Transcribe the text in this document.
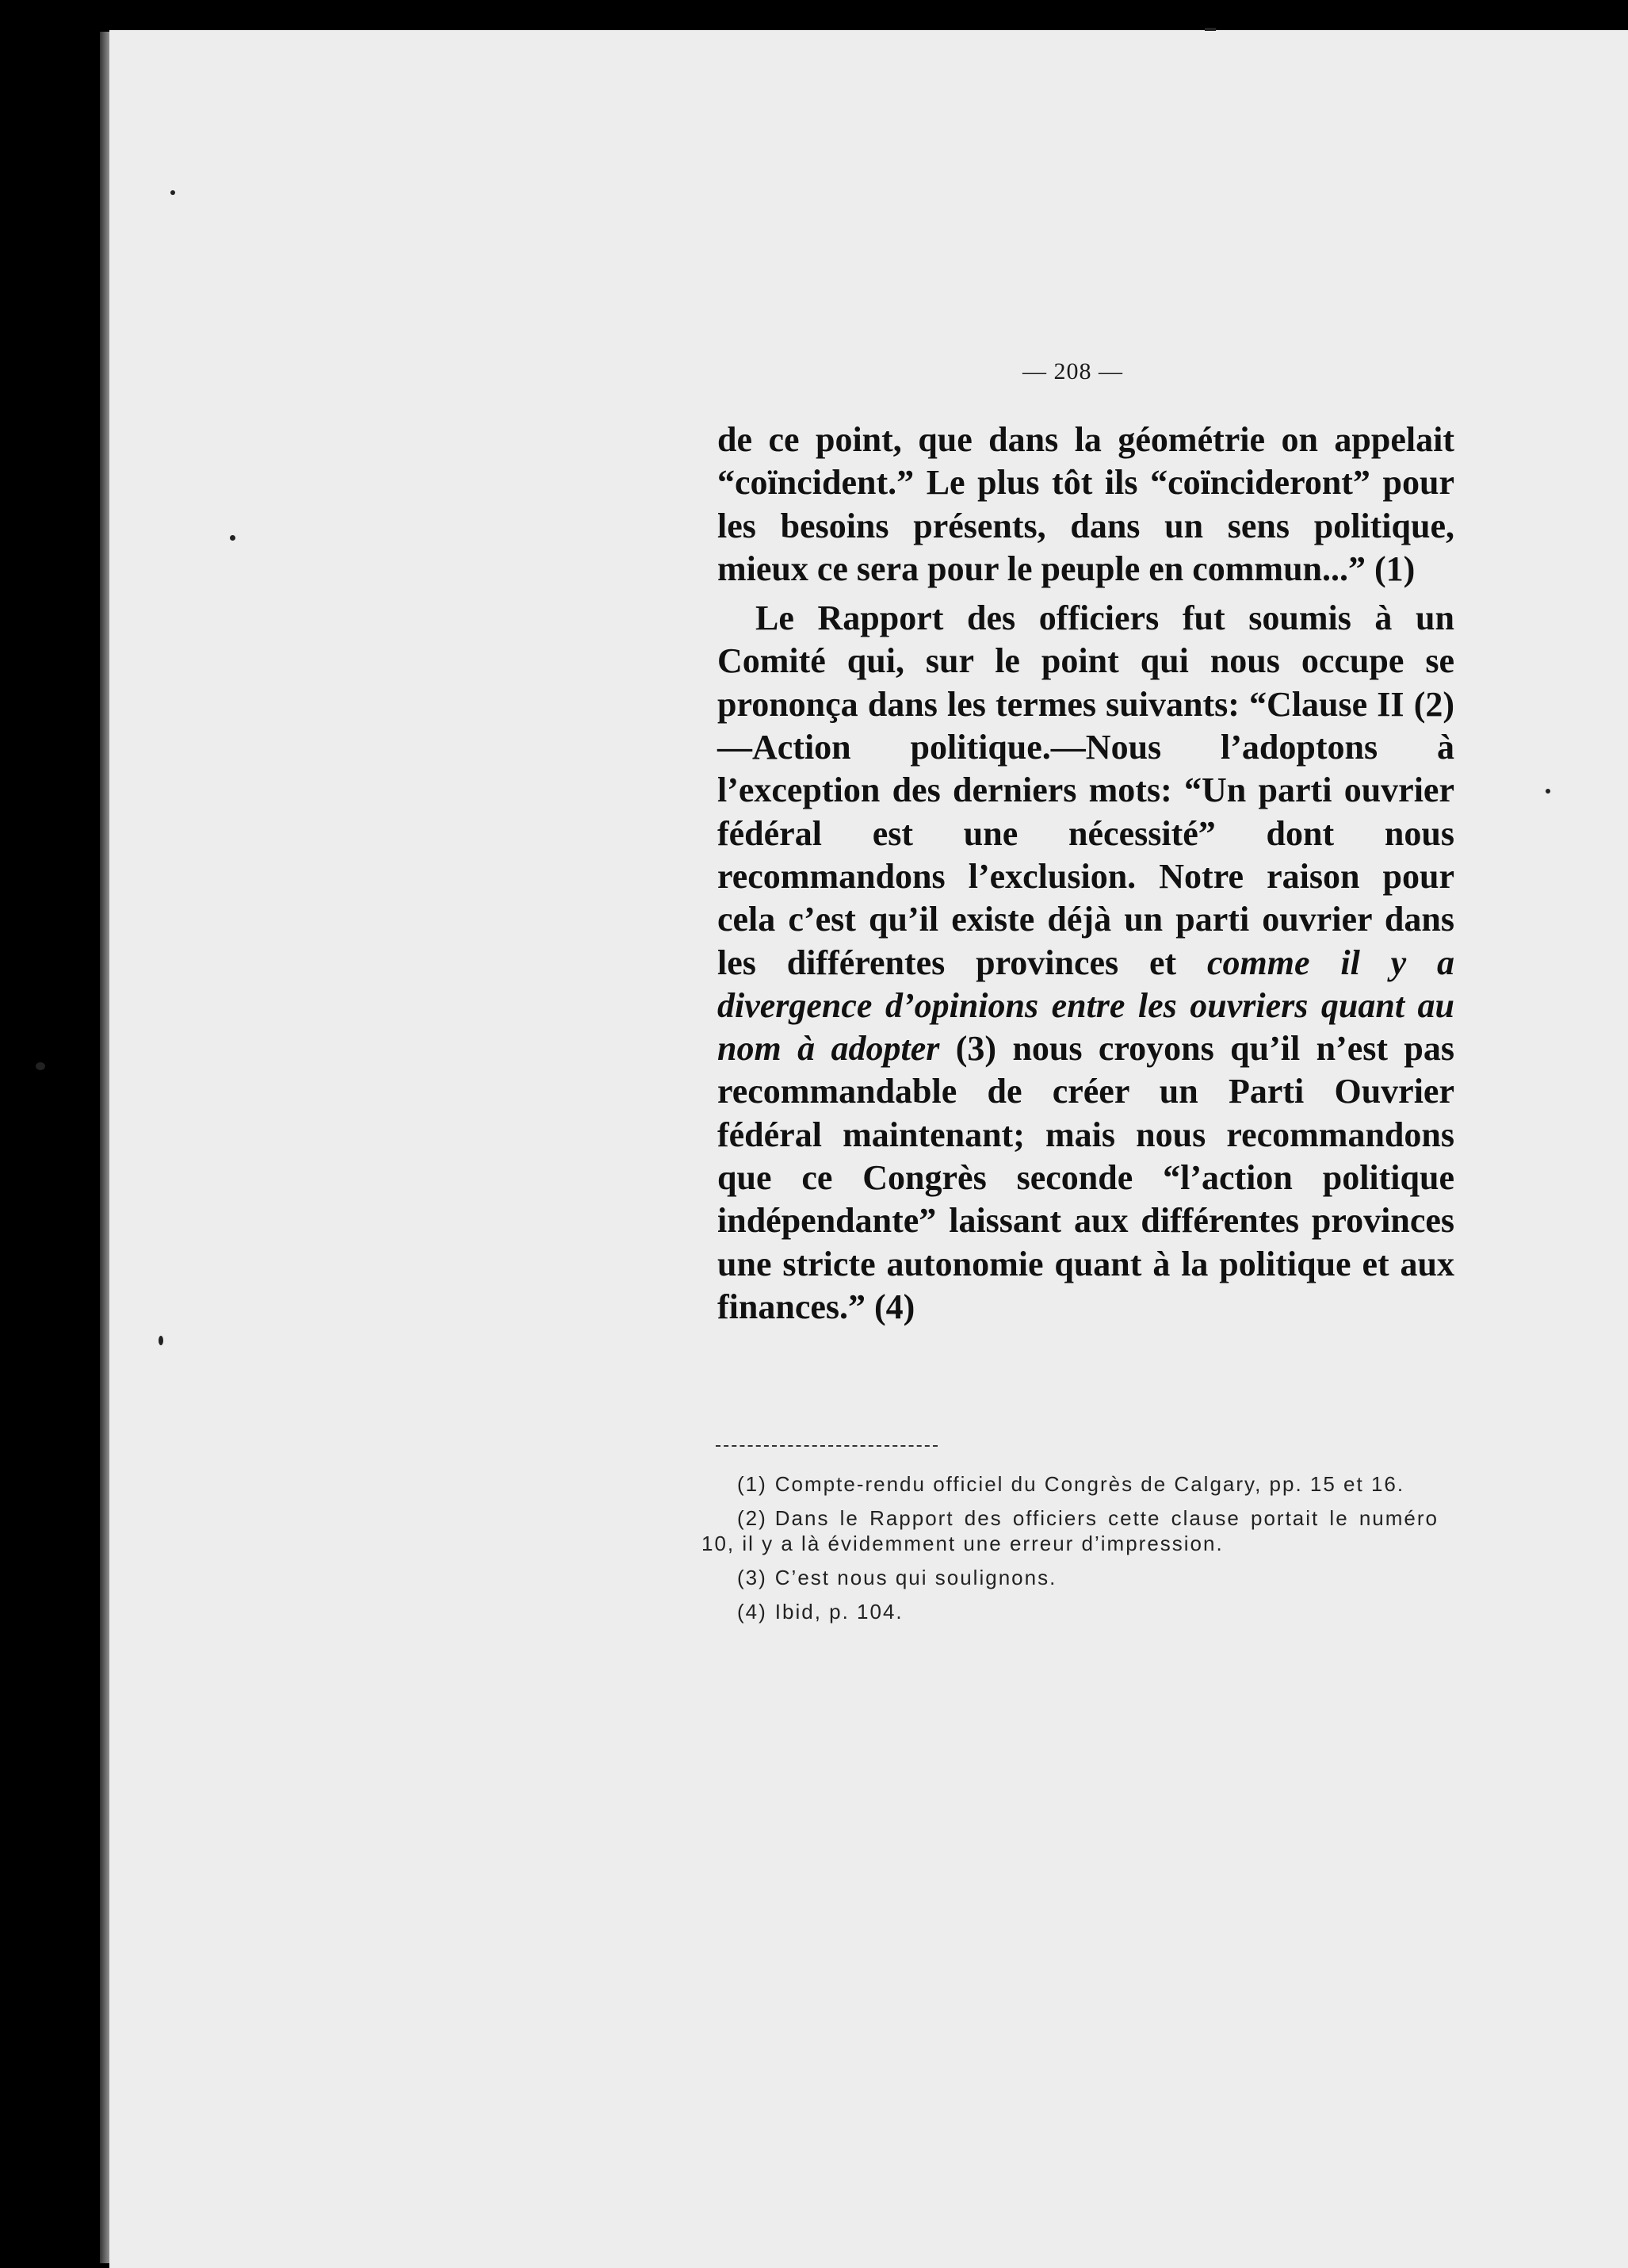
— 208 —

de ce point, que dans la géométrie on appelait “coïncident.” Le plus tôt ils “coïncideront” pour les besoins présents, dans un sens politique, mieux ce sera pour le peuple en commun...” (1)

Le Rapport des officiers fut soumis à un Comité qui, sur le point qui nous occupe se prononça dans les termes suivants: “Clause II (2)—Action politique.—Nous l’adoptons à l’exception des derniers mots: “Un parti ouvrier fédéral est une nécessité” dont nous recommandons l’exclusion. Notre raison pour cela c’est qu’il existe déjà un parti ouvrier dans les différentes provinces et comme il y a divergence d’opinions entre les ouvriers quant au nom à adopter (3) nous croyons qu’il n’est pas recommandable de créer un Parti Ouvrier fédéral maintenant; mais nous recommandons que ce Congrès seconde “l’action politique indépendante” laissant aux différentes provinces une stricte autonomie quant à la politique et aux finances.” (4)

(1) Compte-rendu officiel du Congrès de Calgary, pp. 15 et 16.
(2) Dans le Rapport des officiers cette clause portait le numéro 10, il y a là évidemment une erreur d’impression.
(3) C’est nous qui soulignons.
(4) Ibid, p. 104.
